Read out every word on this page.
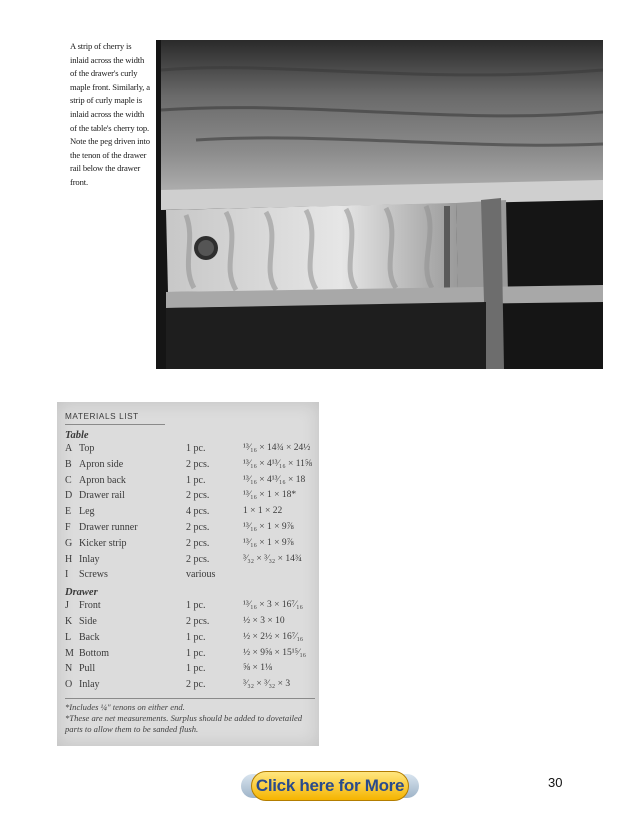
A strip of cherry is inlaid across the width of the drawer's curly maple front. Similarly, a strip of curly maple is inlaid across the width of the table's cherry top. Note the peg driven into the tenon of the drawer rail below the drawer front.
MATERIALS LIST
Table
A Top	1 pc.	¹³⁄₁₆ × 14¾ × 24½
B Apron side	2 pcs.	¹³⁄₁₆ × 4¹³⁄₁₆ × 11⅝
C Apron back	1 pc.	¹³⁄₁₆ × 4¹³⁄₁₆ × 18
D Drawer rail	2 pcs.	¹³⁄₁₆ × 1 × 18*
E Leg	4 pcs.	1 × 1 × 22
F Drawer runner	2 pcs.	¹³⁄₁₆ × 1 × 9⅞
G Kicker strip	2 pcs.	¹³⁄₁₆ × 1 × 9⅞
H Inlay	2 pcs.	³⁄₃₂ × ³⁄₃₂ × 14¾
I	Screws	various
Drawer
J	Front	1 pc.	¹³⁄₁₆ × 3 × 16⁷⁄₁₆
K Side	2 pcs.	½ × 3 × 10
L Back	1 pc.	½ × 2½ × 16⁷⁄₁₆
M Bottom	1 pc.	½ × 9⅝ × 15¹⁵⁄₁₆
N Pull	1 pc.	⅝ × 1⅛
O Inlay	2 pc.	³⁄₃₂ × ³⁄₃₂ × 3
*Includes ¼" tenons on either end.
*These are net measurements. Surplus should be added to dovetailed parts to allow them to be sanded flush.
Click here for More	30
